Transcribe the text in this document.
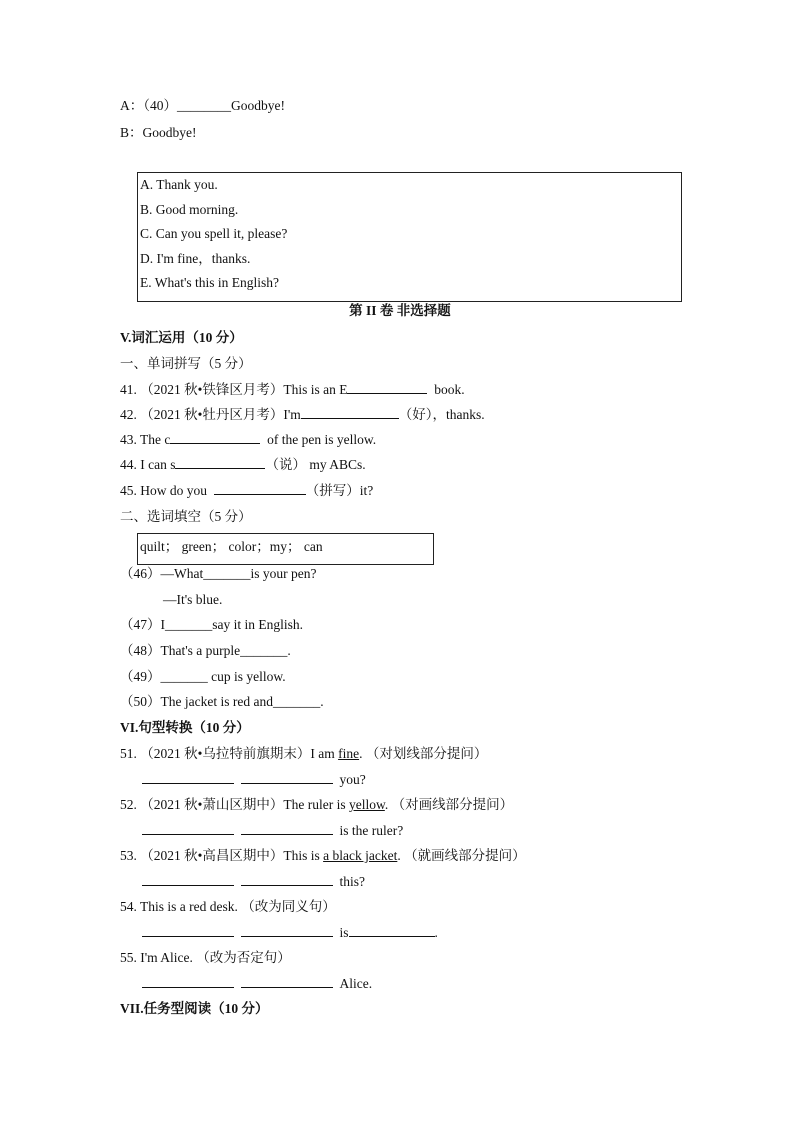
A：（40）________Goodbye!
B：Goodbye!
A. Thank you.
B. Good morning.
C. Can you spell it, please?
D. I'm fine，thanks.
E. What's this in English?
第 II 卷 非选择题
V.词汇运用（10 分）
一、单词拼写（5 分）
41. （2021 秋•铁锋区月考）This is an E	book.
42. （2021 秋•牡丹区月考）I'm	（好），thanks.
43. The c	of the pen is yellow.
44. I can s	（说） my ABCs.
45. How do you	（拼写）it?
二、选词填空（5 分）
quilt； green； color；my； can
（46）—What_______is your pen?
—It's blue.
（47）I_______say it in English.
（48）That's a purple_______.
（49）_______ cup is yellow.
（50）The jacket is red and_______.
VI.句型转换（10 分）
51. （2021 秋•乌拉特前旗期末）I am fine. （对划线部分提问）
you?
52. （2021 秋•萧山区期中）The ruler is yellow. （对画线部分提问）
is the ruler?
53. （2021 秋•高昌区期中）This is a black jacket. （就画线部分提问）
this?
54. This is a red desk. （改为同义句）
is	.
55. I'm Alice. （改为否定句）
Alice.
VII.任务型阅读（10 分）
